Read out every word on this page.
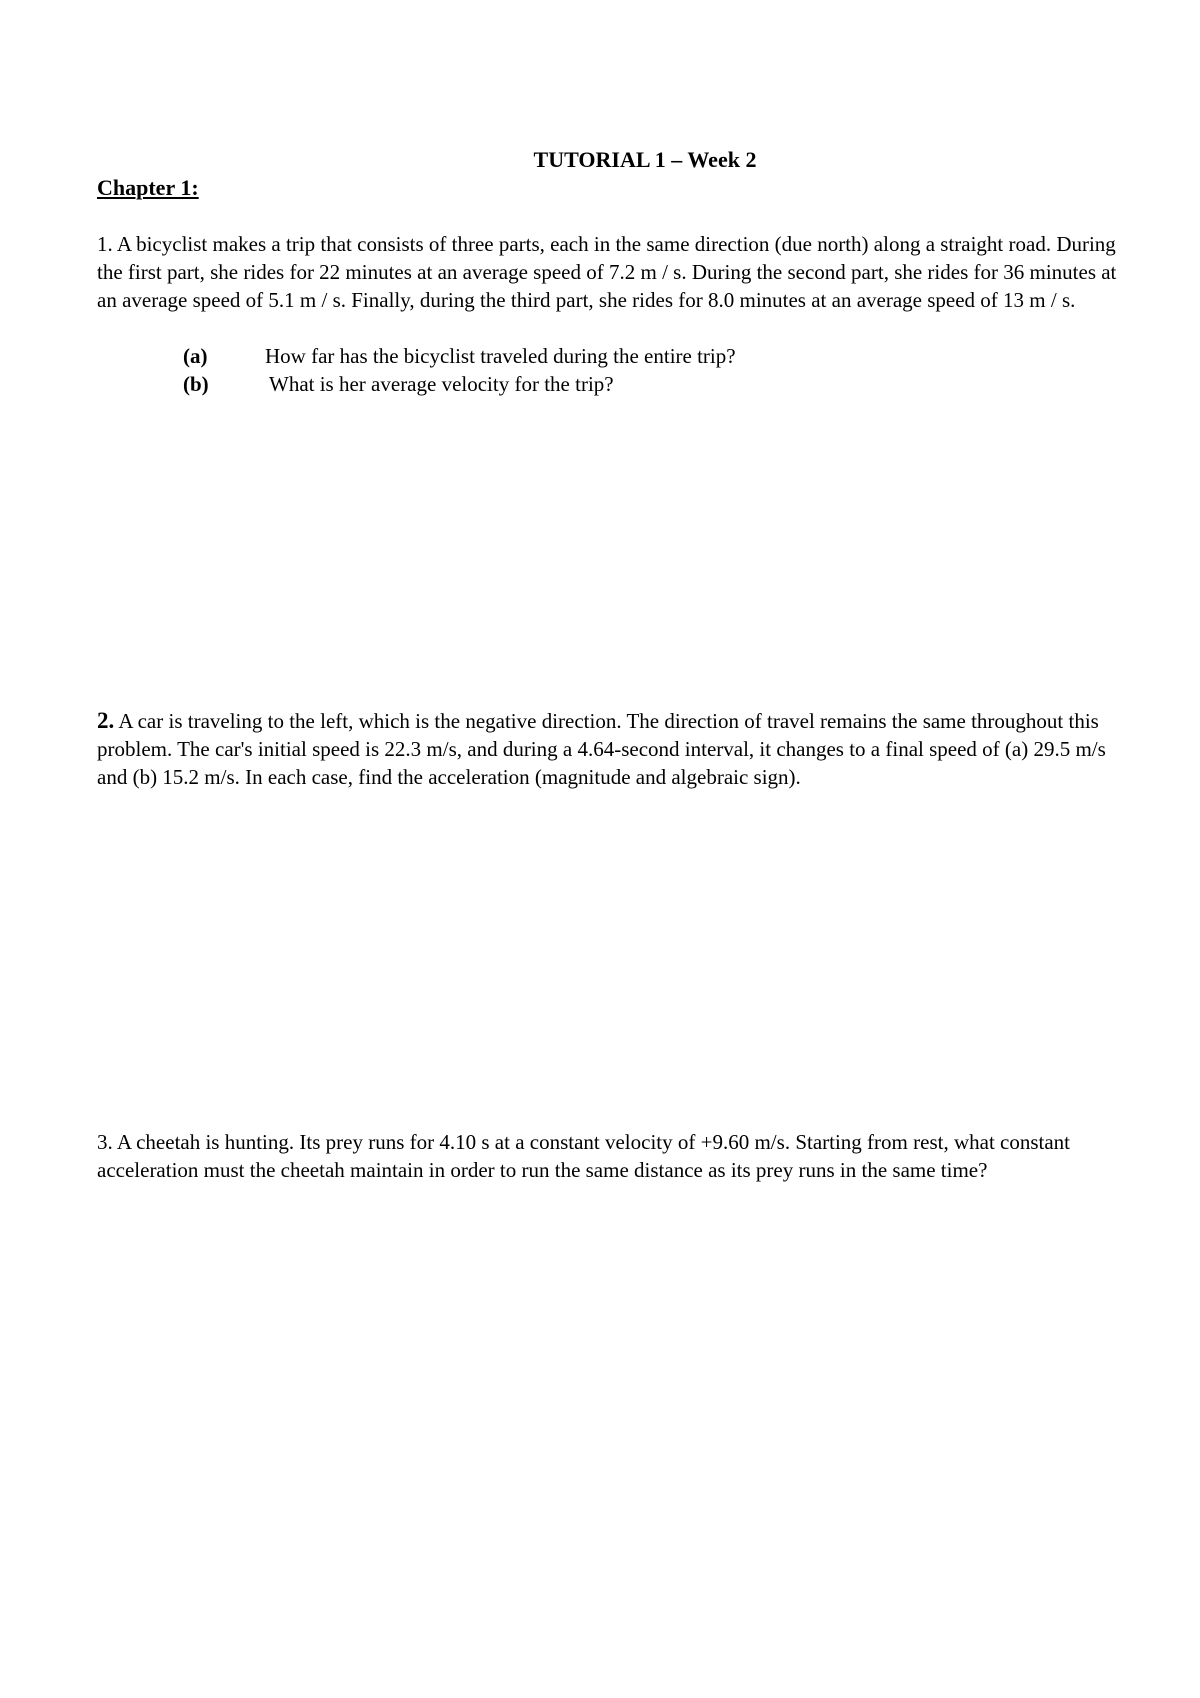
TUTORIAL 1 – Week 2
Chapter 1:
1. A bicyclist makes a trip that consists of three parts, each in the same direction (due north) along a straight road. During the first part, she rides for 22 minutes at an average speed of 7.2 m / s. During the second part, she rides for 36 minutes at an average speed of 5.1 m / s. Finally, during the third part, she rides for 8.0 minutes at an average speed of 13 m / s.
(a)	How far has the bicyclist traveled during the entire trip?
(b)	What is her average velocity for the trip?
2. A car is traveling to the left, which is the negative direction. The direction of travel remains the same throughout this problem. The car's initial speed is 22.3 m/s, and during a 4.64-second interval, it changes to a final speed of (a) 29.5 m/s and (b) 15.2 m/s. In each case, find the acceleration (magnitude and algebraic sign).
3. A cheetah is hunting. Its prey runs for 4.10 s at a constant velocity of +9.60 m/s. Starting from rest, what constant acceleration must the cheetah maintain in order to run the same distance as its prey runs in the same time?
